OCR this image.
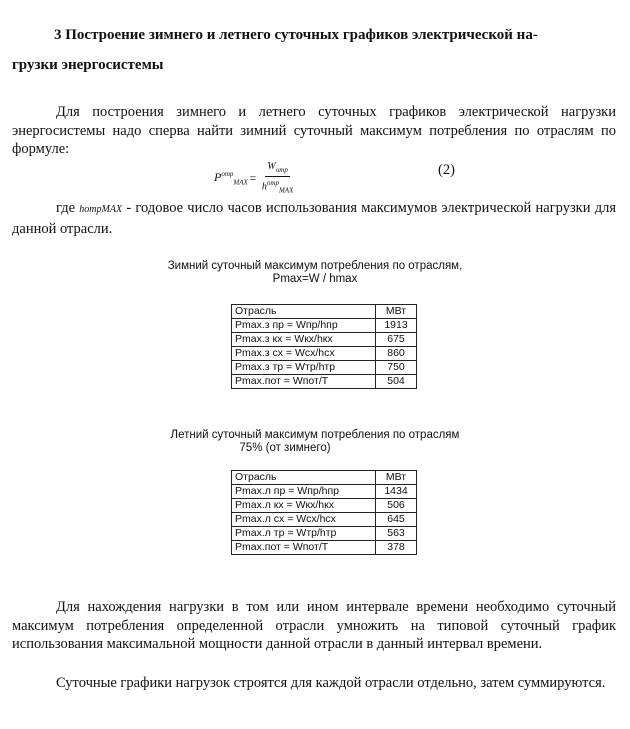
3 Построение зимнего и летнего суточных графиков электрической на-
грузки энергосистемы
Для построения зимнего и летнего суточных графиков электрической нагрузки энергосистемы надо сперва найти зимний суточный максимум потребления по отраслям по формуле:
$P^{отр}_{MAX} = \frac{W_{отр}}{h^{отр}_{MAX}}$	(2)
где hотрMAX - годовое число часов использования максимумов электрической нагрузки для данной отрасли.
Зимний суточный максимум потребления по отраслям,
Pmax=W / hmax
Отрасль	МВт
Pmax.з пр = Wпр/hпр	1913
Pmax.з кх = Wкх/hкх	675
Pmax.з сх = Wсх/hсх	860
Pmax.з тр = Wтр/hтр	750
Pmax.пот = Wпот/T	504
Летний суточный максимум потребления по отраслям
75% (от зимнего)
Отрасль	МВт
Pmax.л пр = Wпр/hпр	1434
Pmax.л кх = Wкх/hкх	506
Pmax.л сх = Wсх/hсх	645
Pmax.л тр = Wтр/hтр	563
Pmax.пот = Wпот/T	378
Для нахождения нагрузки в том или ином интервале времени необходимо суточный максимум потребления определенной отрасли умножить на типовой суточный график использования максимальной мощности данной отрасли в данный интервал времени.
Суточные графики нагрузок строятся для каждой отрасли отдельно, затем суммируются.
